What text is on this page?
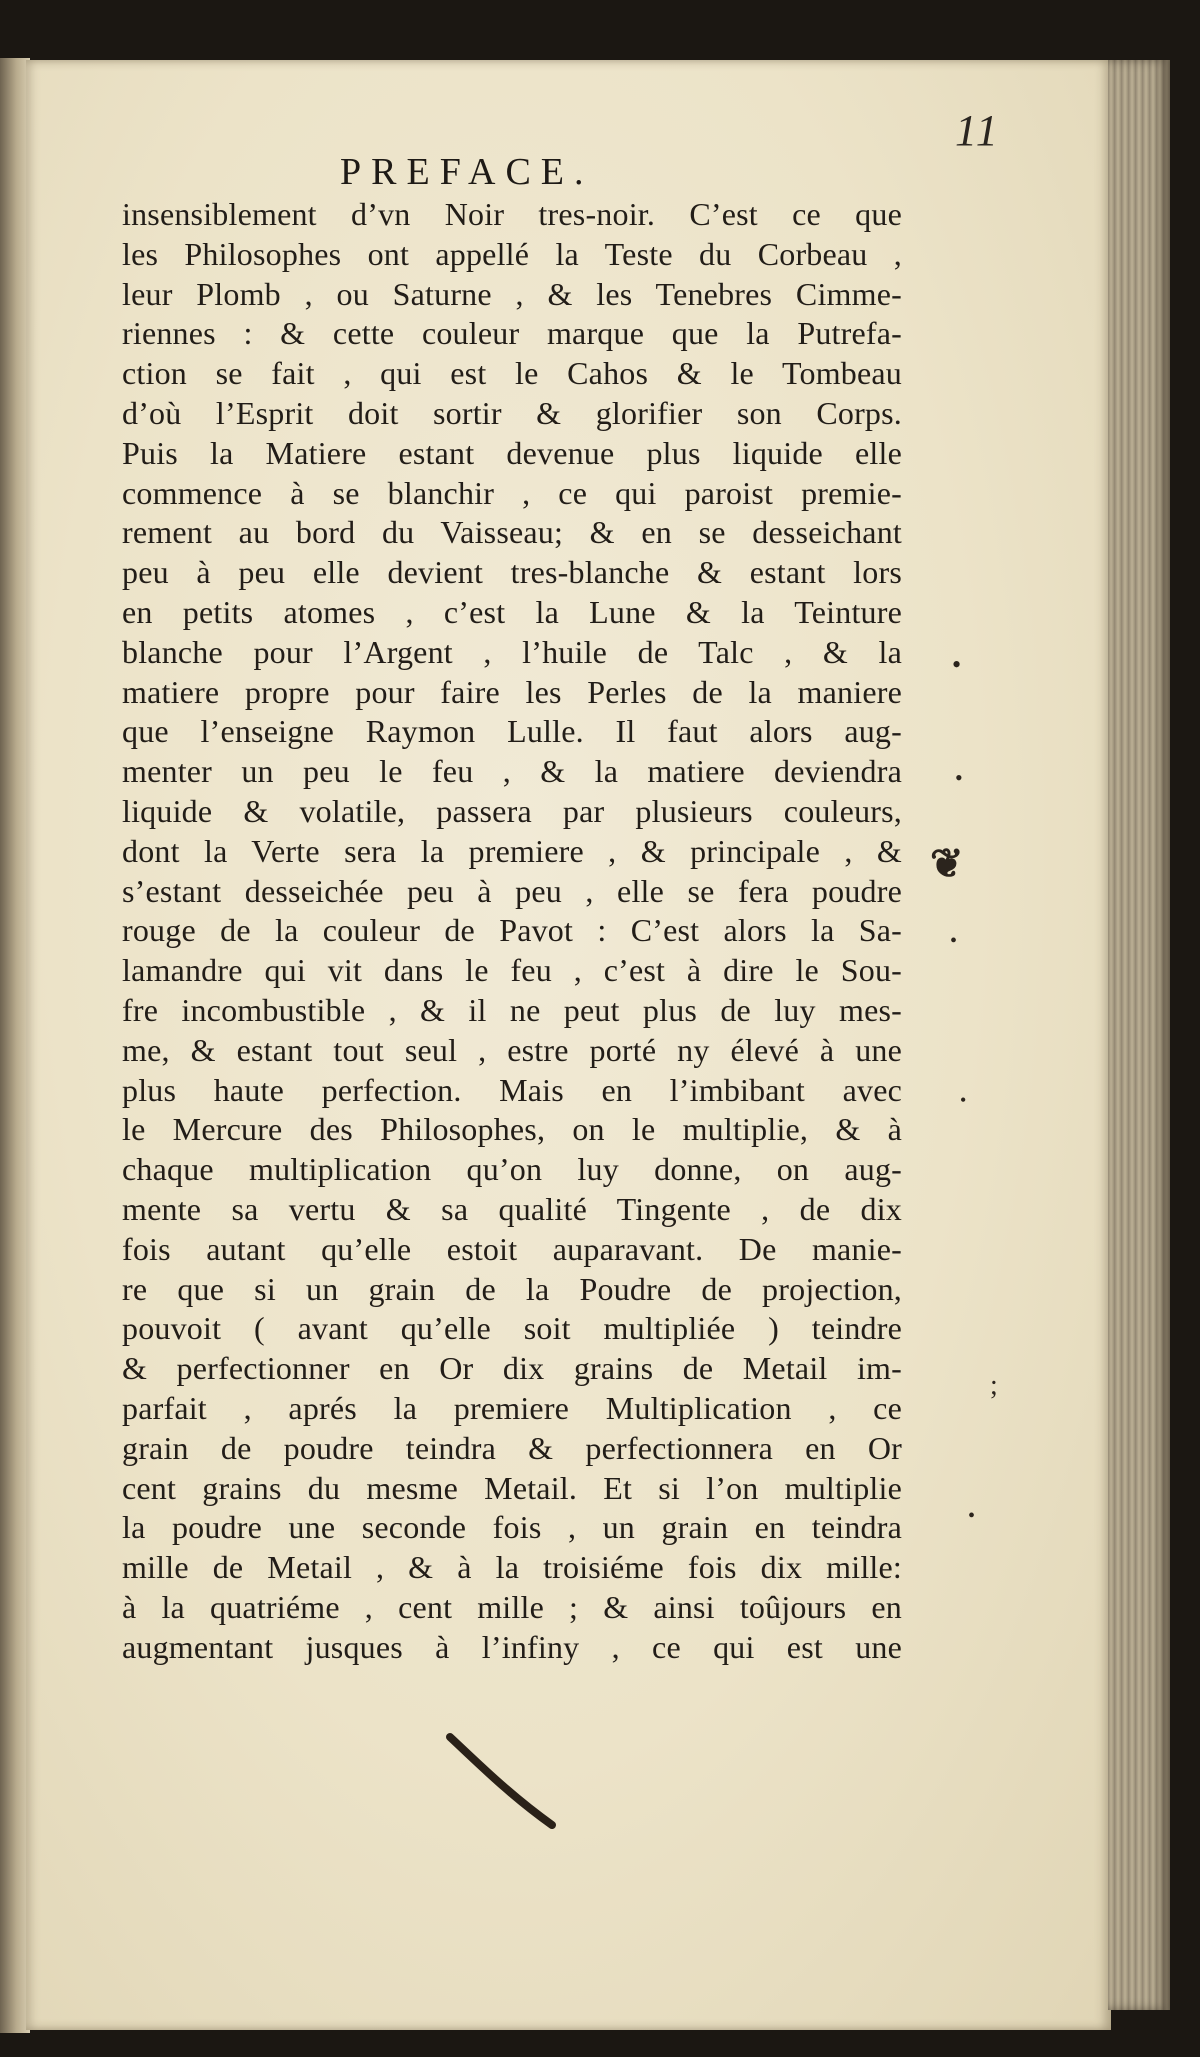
11
PREFACE.
insensiblement d’vn Noir tres-noir. C’est ce que
les Philosophes ont appellé la Teste du Corbeau ,
leur Plomb , ou Saturne , & les Tenebres Cimme-
riennes : & cette couleur marque que la Putrefa-
ction se fait , qui est le Cahos & le Tombeau
d’où l’Esprit doit sortir & glorifier son Corps.
Puis la Matiere estant devenue plus liquide elle
commence à se blanchir , ce qui paroist premie-
rement au bord du Vaisseau; & en se desseichant
peu à peu elle devient tres-blanche & estant lors
en petits atomes , c’est la Lune & la Teinture
blanche pour l’Argent , l’huile de Talc , & la
matiere propre pour faire les Perles de la maniere
que l’enseigne Raymon Lulle. Il faut alors aug-
menter un peu le feu , & la matiere deviendra
liquide & volatile, passera par plusieurs couleurs,
dont la Verte sera la premiere , & principale , &
s’estant desseichée peu à peu , elle se fera poudre
rouge de la couleur de Pavot : C’est alors la Sa-
lamandre qui vit dans le feu , c’est à dire le Sou-
fre incombustible , & il ne peut plus de luy mes-
me, & estant tout seul , estre porté ny élevé à une
plus haute perfection. Mais en l’imbibant avec
le Mercure des Philosophes, on le multiplie, & à
chaque multiplication qu’on luy donne, on aug-
mente sa vertu & sa qualité Tingente , de dix
fois autant qu’elle estoit auparavant. De manie-
re que si un grain de la Poudre de projection,
pouvoit ( avant qu’elle soit multipliée ) teindre
& perfectionner en Or dix grains de Metail im-
parfait , aprés la premiere Multiplication , ce
grain de poudre teindra & perfectionnera en Or
cent grains du mesme Metail. Et si l’on multiplie
la poudre une seconde fois , un grain en teindra
mille de Metail , & à la troisiéme fois dix mille:
à la quatriéme , cent mille ; & ainsi toûjours en
augmentant jusques à l’infiny , ce qui est une
•
•
❦
•
•
;
•
